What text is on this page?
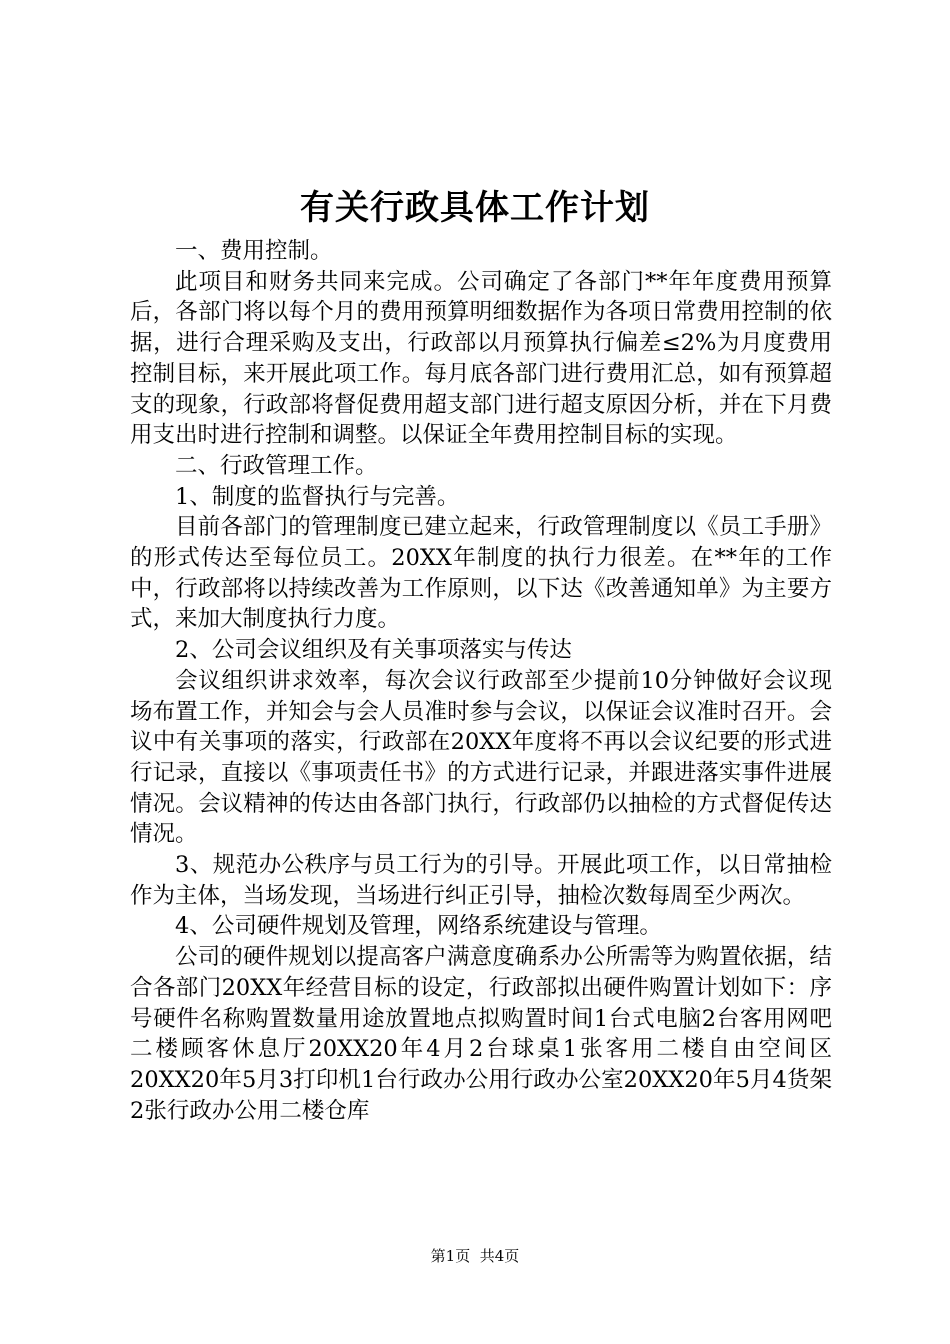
有关行政具体工作计划

一、费用控制。

此项目和财务共同来完成。公司确定了各部门**年年度费用预算后，各部门将以每个月的费用预算明细数据作为各项日常费用控制的依据，进行合理采购及支出，行政部以月预算执行偏差≤2%为月度费用控制目标，来开展此项工作。每月底各部门进行费用汇总，如有预算超支的现象，行政部将督促费用超支部门进行超支原因分析，并在下月费用支出时进行控制和调整。以保证全年费用控制目标的实现。

二、行政管理工作。

1、制度的监督执行与完善。

目前各部门的管理制度已建立起来，行政管理制度以《员工手册》的形式传达至每位员工。20XX年制度的执行力很差。在**年的工作中，行政部将以持续改善为工作原则，以下达《改善通知单》为主要方式，来加大制度执行力度。

2、公司会议组织及有关事项落实与传达

会议组织讲求效率，每次会议行政部至少提前10分钟做好会议现场布置工作，并知会与会人员准时参与会议，以保证会议准时召开。会议中有关事项的落实，行政部在20XX年度将不再以会议纪要的形式进行记录，直接以《事项责任书》的方式进行记录，并跟进落实事件进展情况。会议精神的传达由各部门执行，行政部仍以抽检的方式督促传达情况。

3、规范办公秩序与员工行为的引导。开展此项工作，以日常抽检作为主体，当场发现，当场进行纠正引导，抽检次数每周至少两次。

4、公司硬件规划及管理，网络系统建设与管理。

公司的硬件规划以提高客户满意度确系办公所需等为购置依据，结合各部门20XX年经营目标的设定，行政部拟出硬件购置计划如下：序号硬件名称购置数量用途放置地点拟购置时间1台式电脑2台客用网吧二楼顾客休息厅20XX20年4月2台球桌1张客用二楼自由空间区20XX20年5月3打印机1台行政办公用行政办公室20XX20年5月4货架2张行政办公用二楼仓库

第1页 共4页
